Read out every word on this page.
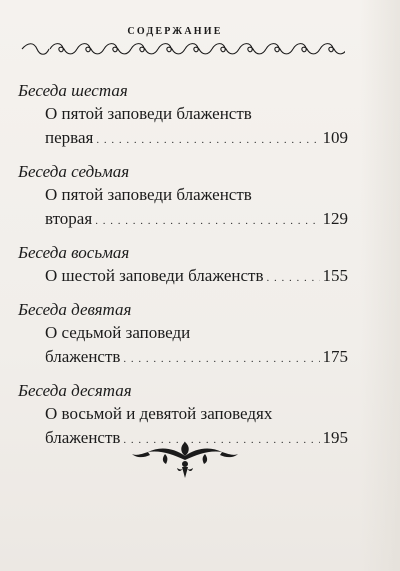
СОДЕРЖАНИЕ
Беседа шестая
О пятой заповеди блаженств
первая . . .	109
Беседа седьмая
О пятой заповеди блаженств
вторая . . .	129
Беседа восьмая
О шестой заповеди блаженств . . .	155
Беседа девятая
О седьмой заповеди
блаженств . . .	175
Беседа десятая
О восьмой и девятой заповедях
блаженств . . .	195
